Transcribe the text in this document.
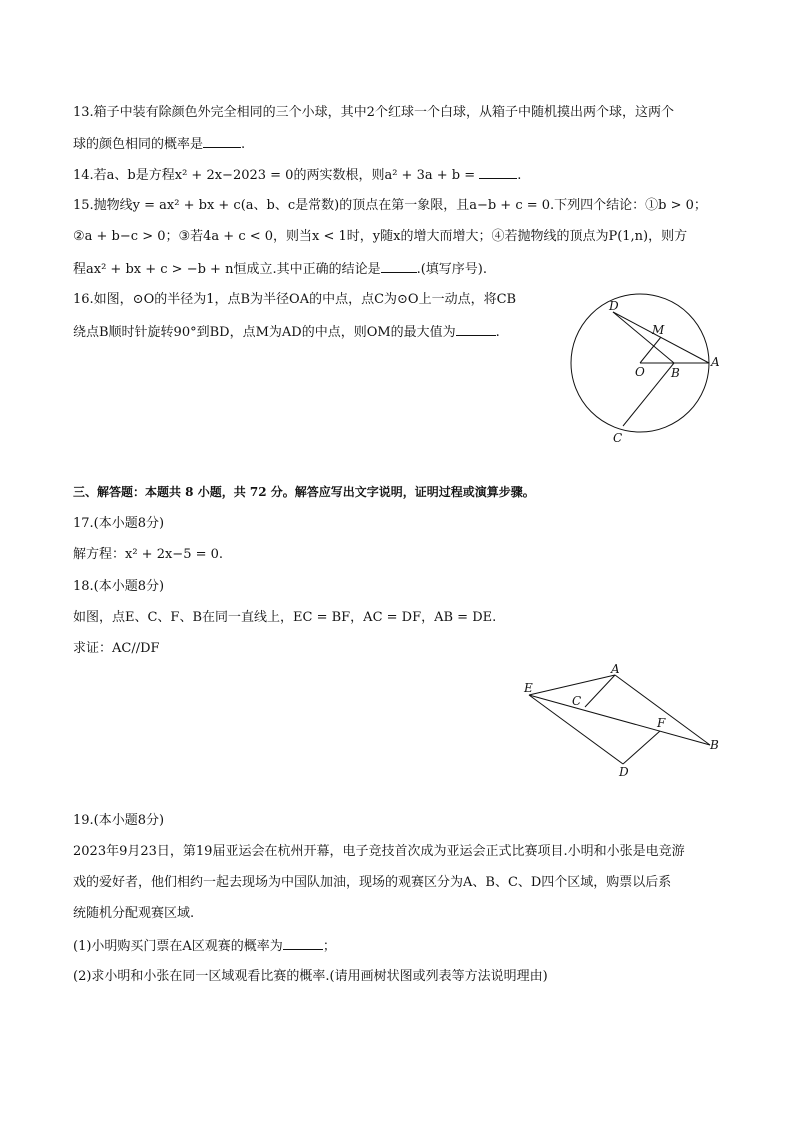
13.箱子中装有除颜色外完全相同的三个小球，其中2个红球一个白球，从箱子中随机摸出两个球，这两个
球的颜色相同的概率是	.
14.若a、b是方程x² + 2x−2023 = 0的两实数根，则a² + 3a + b =	.
15.抛物线y = ax² + bx + c(a、b、c是常数)的顶点在第一象限，且a−b + c = 0.下列四个结论：①b > 0；
②a + b−c > 0；③若4a + c < 0，则当x < 1时，y随x的增大而增大；④若抛物线的顶点为P(1,n)，则方
程ax² + bx + c > −b + n恒成立.其中正确的结论是	.(填写序号).
16.如图，⊙O的半径为1，点B为半径OA的中点，点C为⊙O上一动点，将CB
绕点B顺时针旋转90°到BD，点M为AD的中点，则OM的最大值为	.
D
M
O B
A
C
三、解答题：本题共 8 小题，共 72 分。解答应写出文字说明，证明过程或演算步骤。
17.(本小题8分)
解方程：x² + 2x−5 = 0.
18.(本小题8分)
如图，点E、C、F、B在同一直线上，EC = BF，AC = DF，AB = DE.
求证：AC//DF
A
E
C
F
B
D
19.(本小题8分)
2023年9月23日，第19届亚运会在杭州开幕，电子竞技首次成为亚运会正式比赛项目.小明和小张是电竞游
戏的爱好者，他们相约一起去现场为中国队加油，现场的观赛区分为A、B、C、D四个区域，购票以后系
统随机分配观赛区域.
(1)小明购买门票在A区观赛的概率为	；
(2)求小明和小张在同一区域观看比赛的概率.(请用画树状图或列表等方法说明理由)
